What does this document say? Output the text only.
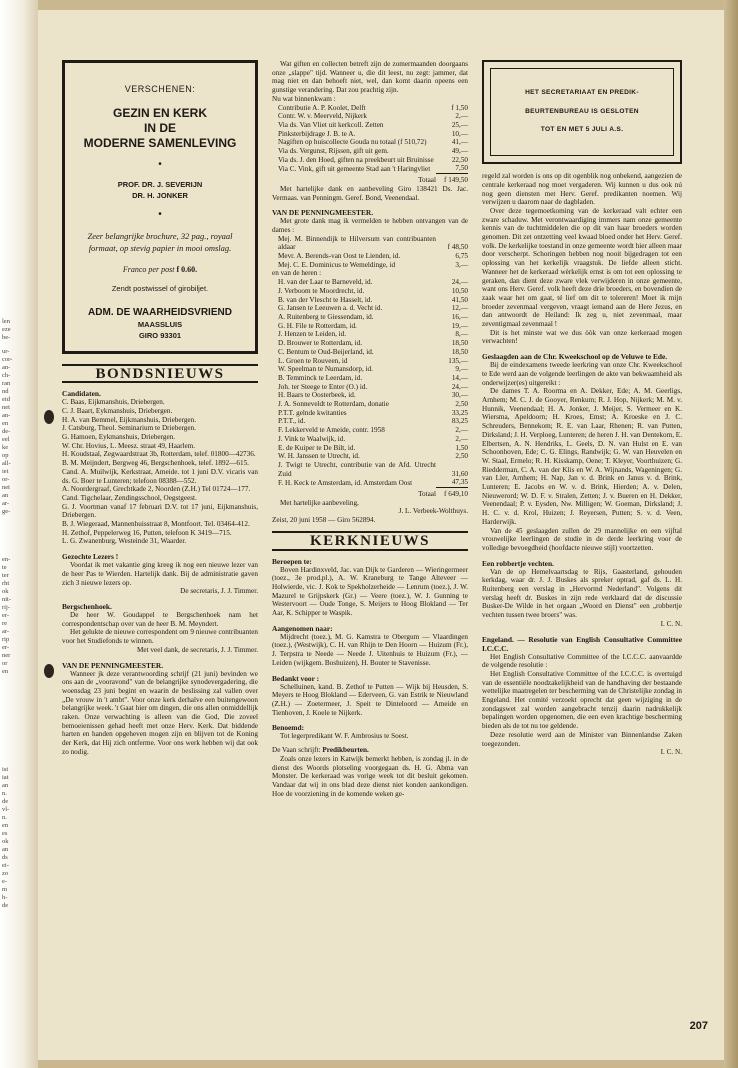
len
eze
be-
ur-
cor-
an-
ch-
ran
nd
eid
net
an-
en
de-
eel
ke
op
all-
iet
or-
net
an
ar-
ge-
en-
te
ter
rht
ok
nit-
rij-
er-
re
ar-
rip
er-
ner
or
en
ist
iat
an
n.
de
vl-
n.
en
es
ok
an
ds
ei-
zo
e-
m
h-
de
VERSCHENEN:
GEZIN EN KERK
IN DE
MODERNE SAMENLEVING
•
PROF. DR. J. SEVERIJN
DR. H. JONKER
•
Zeer belangrijke brochure, 32 pag., royaal formaat, op stevig papier in mooi omslag.
Franco per post f 0.60.
Zendt postwissel of girobiljet.
ADM. DE WAARHEIDSVRIEND
MAASSLUIS
GIRO 93301
BONDSNIEUWS
Candidaten.

C. Baas, Eijkmanshuis, Driebergen.

C. J. Baart, Eykmanshuis, Driebergen.

H. A. van Bemmel, Eijkmanshuis, Driebergen.

J. Catsburg, Theol. Seminarium te Driebergen.

G. Hamoen, Eykmanshuis, Driebergen.

W. Chr. Hovius, L. Meesz. straat 49, Haarlem.

H. Koudstaal, Zegwaardstraat 3b, Rotterdam, telef. 01800—42736.

B. M. Meijndert, Bergweg 46, Bergschenhoek, telef. 1892—615.

Cand. A. Muilwijk, Kerkstraat, Ameide. tot 1 juni D.V. vicaris van ds. G. Boer te Lunteren; telefoon 08388—552.

A. Noordergraaf, Grechtkade 2, Noorden (Z.H.) Tel 01724—177.

Cand. Tigchelaar, Zendingsschool, Oegstgeest.

G. J. Voortman vanaf 17 februari D.V. tot 17 juni, Eijkmanshuis, Driebergen.

B. J. Wiegeraad, Mannenhuisstraat 8, Montfoort. Tel. 03464-412.

H. Zethof, Peppelerweg 16, Putten, telefoon K 3419—715.

L. G. Zwanenburg, Westeinde 31, Waarder.

Gezochte Lezers !

Voordat ik met vakantie ging kreeg ik nog een nieuwe lezer van de heer Pas te Wierden. Hartelijk dank. Bij de administratie gaven zich 3 nieuwe lezers op.

De secretaris, J. J. Timmer.

Bergschenhoek.

De heer W. Goudappel te Bergschenhoek nam het correspondentschap over van de heer B. M. Meyndert.

Het gelukte de nieuwe correspondent om 9 nieuwe contribuanten voor het Studiefonds te winnen.

Met veel dank, de secretaris, J. J. Timmer.

VAN DE PENNINGMEESTER.

Wanneer jk deze verantwoording schrijf (21 juni) bevinden we ons aan de „vooravond" van de belangrijke synodevergadering, die woensdag 23 juni begint en waarin de beslissing zal vallen over „De vrouw in 't ambt". Voor onze kerk derhalve een buitengewoon belangrijke week. 't Gaat hier om dingen, die ons allen onmiddellijk raken. Onze verwachting is alleen van die God, Die zoveel bemoeienissen gehad heeft met onze Herv. Kerk. Dat biddende harten en handen opgeheven mogen zijn en blijven tot de Koning der Kerk, dat Hij zich ontferme. Voor ons werk hebben wij dat ook zo nodig.

Wat giften en collecten betreft zijn de zomermaanden doorgaans onze „slappe" tijd. Wanneer u, die dit leest, nu zegt: jammer, dat mag niet en dan behoeft niet, wel, dan komt daarin opeens een gunstige verandering. Dat zou prachtig zijn.

Nu wat binnenkwam :

Contributie A. P. Koolet, Delft	f 1,50
Contr. W. v. Meerveld, Nijkerk	2,—
Via ds. Van Vliet uit kerkcoll. Zetten	25,—
Pinksterbijdrage J. B. te A.	10,—
Nagiften op huiscollecte Gouda nu totaal (f 510,72)	41,—
Via ds. Vergunst, Rijssen, gift uit gem.	49,—
Via ds. J. den Hoed, giften na preekbeurt uit Bruinisse	22,50
Via C. Vink, gift uit gemeente Stad aan 't Haringvliet	7,50
Totaal	f 149,50

Met hartelijke dank en aanbeveling Giro 138421 Ds. Jac. Vermaas. van Penningm. Geref. Bond, Veenendaal.

VAN DE PENNINGMEESTER.

Met grote dank mag ik vermelden te hebben ontvangen van de dames :

Mej. M. Binnendijk te Hilversum van contribuanten aldaar	f 48,50
Mevr. A. Berends-van Oost te Lienden, id.	6,75
Mej. C. E. Dominicus te Wemeldinge, id	3,—

en van de heren :

H. van der Laar te Barneveld, id.	24,—
J. Verboom te Moordrecht, id.	10,50
B. van der Vlescht te Hasselt, id.	41,50
G. Jansen te Leeuwen a. d. Vecht id.	12,—
A. Ruitenberg te Giessendam, id.	16,—
G. H. File te Rotterdam, id.	19,—
J. Henzen te Leiden, id.	8,—
D. Brouwer te Rotterdam, id.	18,50
C. Bentum te Oud-Beijerland, id.	18,50
L. Groen te Rouveen, id	135,—
W. Speelman te Numansdorp, id.	9,—
B. Temminck te Leerdam, id.	14,—
Joh. ter Steege te Enter (O.) id.	24,—
H. Baars te Oosterbeek, id.	30,—
J. A. Sonneveldt te Rotterdam, donatie	2,50
P.T.T. gelnde kwitanties	33,25
P.T.T., id.	83,25
F. Lekkerveld te Ameide, contr. 1958	2,—
J. Vink te Waalwijk, id.	2,—
E. de Kuiper te De Bilt, id.	1,50
W. H. Janssen te Utrecht, id.	2,50
J. Twigt te Utrecht, contributie van de Afd. Utrecht Zuid	31,60
F. H. Keck te Amsterdam, id. Amsterdam Oost	47,35
Totaal	f 649,10

Met hartelijke aanbeveling,

J. L. Verbeek-Wolthuys.

Zeist, 20 juni 1958 — Giro 562894.

KERKNIEUWS
Beroepen te:

Boven Hardinxveld, Jac. van Dijk te Garderen — Wieringermeer (toez., 3e prod.pl.), A. W. Kraneburg te Tange Alteveer — Holwierde, vic. J. Kok te Spekholzerheide — Lenrum (toez.), J. W. Mazurel te Grijpskerk (Gr.) — Veere (toez.), W. J. Gunning te Westervoort — Oude Tonge, S. Meijers te Hoog Blokland — Ter Aar, K. Schipper te Waspik.

Aangenomen naar:

Mijdrecht (toez.), M. G. Kamstra te Obergum — Vlaardingen (toez.), (Westwijk), C. H. van Rhijn te Den Hoorn — Huizum (Fr.), J. Terpstra te Neede — Neede J. Uitenhuis te Huizum (Fr.), — Leiden (wijkgem. Boshuizen), H. Bouter te Stavenisse.

Bedankt voor :

Schelluinen, kand. B. Zethof te Putten — Wijk bij Heusden, S. Meyers te Hoog Blokland — Ederveen, G. van Estrik te Nieuwland (Z.H.) — Zoetermeer, J. Speit te Dinteloord — Ameide en Tienhoven, J. Koele te Nijkerk.

Benoemd:

Tot legerpredikant W. F. Ambrosius te Soest.

De Vaan schrijft: Predikbeurten.

Zoals onze lezers in Katwijk bemerkt hebben, is zondag jl. in de dienst des Woords plotseling voorgegaan ds. H. G. Abma van Monster. De kerkeraad was vorige week tot dit besluit gekomen. Vandaar dat wij in ons blad deze dienst niet konden aankondigen. Hoe de voorziening in de komende weken ge-

HET SECRETARIAAT EN PREDIK-
BEURTENBUREAU IS GESLOTEN
TOT EN MET 5 JULI A.S.

regeld zal worden is ons op dit ogenblik nog onbekend, aangezien de centrale kerkeraad nog moet vergaderen. Wij kunnen u dus ook nú nog geen diensten met Herv. Geref. predikanten noemen. Wij verwijzen u daarom naar de dagbladen.

Over deze tegemoetkoming van de kerkeraad valt echter een zware schaduw. Met verontwaardiging immers nam onze gemeente kennis van de tuchtmiddelen die op dit van haar broeders worden genomen. Dit zet ontzetting veel kwaad bloed onder het Herv. Geref. volk. De kerkelijke toestand in onze gemeente wordt hier alleen maar door verscherpt. Schoringen hebben nog nooit bijgedragen tot een oplossing van het kerkelijk vraagstuk. De liefde alleen sticht. Wanneer het de kerkeraad wèrkelijk ernst is om tot een oplossing te geraken, dan dient deze zware vlek verwijderen in onze gemeente, want ons Herv. Geref. volk heeft deze drie broeders, en bovendien de zaak waar het om gaat, té lief om dit te tolereren! Moet ik mijn broeder zevenmaal vergeven, vraagt iemand aan de Here Jezus, en dan antwoordt de Heiland: Ik zeg u, niet zevenmaal, maar zeventigmaal zevenmaal !

Dit is het minste wat we dus òòk van onze kerkeraad mogen verwachten!

Geslaagden aan de Chr. Kweekschool op de Veluwe te Ede.

Bij de eindexamens tweede leerkring van onze Chr. Kweekschool te Ede werd aan de volgende leerlingen de akte van bekwaamheid als onderwijzer(es) uitgereikt :

De dames T. A. Roorma en A. Dekker, Ede; A. M. Geerligs, Arnhem; M. C. J. de Gooyer, Renkum; R. J. Hop, Nijkerk; M. M. v. Hunnik, Veenendaal; H. A. Jonker, J. Meijer, S. Vermeer en K. Wiersma, Apeldoorn; H. Kroes, Emst; A. Kroeske en J. C. Schreuders, Bennekom; R. E. van Laar, Rhenen; R. van Putten, Dirksland; J. H. Verploeg, Lunteren; de heren J. H. van Dentekom, E. Elbertsen, A. N. Hendriks, L. Geels, D. N. van Hulst en E. van Schoonhoven, Ede; C. G. Elings, Randwijk; G. W. van Heuvelen en W. Staal, Ermelo; R. H. Kisskamp, Oene; T. Kleyer, Voorthuizen; G. Riedderman, C. A. van der Klis en W. A. Wijnands, Wageningen; G. van Ller, Arnhem; H. Nap, Jan v. d. Brink en Janus v. d. Brink, Lunteren; E. Jacobs en W. v. d. Brink, Hierden; A. v. Delen, Nieuwerord; W. D. F. v. Stralen, Zetten; J. v. Bueren en H. Dekker, Veenendaal; P. v. Eysden, Nw. Milligen; W. Goeman, Dirksland; J. H. C. v. d. Krol, Huizen; J. Reyersen, Putten; S. v. d. Veen, Harderwijk.

Van de 45 geslaagden zullen de 29 mannelijke en een vijftal vrouwelijke leerlingen de studie in de derde leerkring voor de volledige bevoegdheid (hoofdacte nieuwe stijl) voortzetten.

Een robbertje vechten.

Van de op Hemelvaartsdag te Rijs, Gaasterland, gehouden kerkdag, waar dr. J. J. Buskes als spreker optrad, gaf ds. L. H. Ruitenberg een verslag in „Hervormd Nederland". Volgens dit verslag heeft dr. Buskes in zijn rede verklaard dat de discussie Busker-De Wilde in het orgaan „Woord en Dienst" een „robbertje vechten tussen twee broers" was.

I. C. N.

Engeland. — Resolutie van English Consultative Committee I.C.C.C.

Het English Consultative Committee of the I.C.C.C. aanvaardde de volgende resolutie :

Het English Consultative Committee of the I.C.C.C. is overtuigd van de essentiële noodzakelijkheid van de handhaving der bestaande wettelijke maatregelen ter bescherming van de Christelijke zondag in Engeland. Het comité verzoekt oprecht dat geen wijziging in de zondagswet zal worden aangebracht tenzij daarin nadrukkelijk bepalingen worden opgenomen, die een even krachtige bescherming bieden als de tot nu toe geldende.

Deze resolutie werd aan de Minister van Binnenlandse Zaken toegezonden.

I. C. N.

207
